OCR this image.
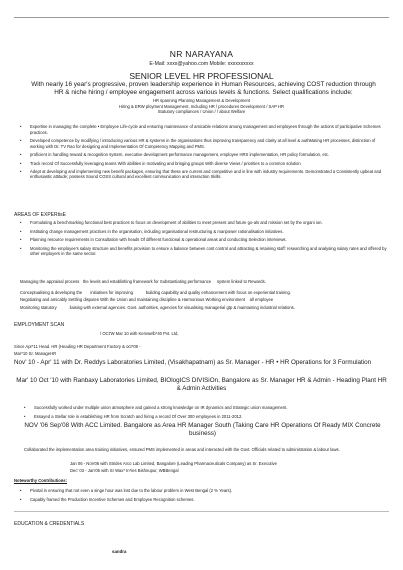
NR NARAYANA
E-Mail: xxxx@yahoo.com Mobile: xxxxxxxxxx
SENIOR LEVEL HR PROFESSIONAL
With nearly 16 year's progressive, proven leadership experience in Human Resources, achieving COST reduction through HR & niche hiring / employee engagement across various levels & functions. Select qualifications include:
HR spanning Planning Management & Development
Hiring & ERW ployment Management, Including HR / procedures Development / SAP HR
Statutory compliances / Union / / about Welfare
•	Expertise in managing the complete • Employee Life-cycle and ensuring maintenance of amicable relations among management and employees through the actions of participative Schemes practices.
•	Developed competence by modifying / introducing various HR & systems in the organisations thus improving transparency and clarity at all level & authMating HR processes, distinction of working with Dr. TV Rao for designing and Implementation Of Competency Mapping and PMS.
•	proficient in handling reward & recognition system, executive development performance management, employee HRS implementation, HR policy formulation, etc.
•	Track record Of Successfully leveraging teams With abilities in motivating and bringing groups With diverse Views / priorities to a common solution
•	Adept at developing and implementing new benefit packages, ensuring that these are current and competitive and in line with industry requirements. Demonstrated a Consistently upbeat and enthusiastic attitude; possess Sound COSS cultural and excellent communication and interaction Skills.
AREAS OF EXPERtisE
•	Formulating & benchmarking functional best practices to focus on development of abilities to meet present and future go-als and mission set by the organi ion.
•	Instituting change management practices in the organisation, including organisational restructuring & manpower rationalisation initiatives.
•	Planning resource requirements in Consultation with heads Of different functional & operational areas and conducting Selection interviews.
•	Monitoring the employee's salary structure and benefits provision to ensure a balance between cost control and attracting & retaining staff: researching and analysing salary rates and offered by other employers in the same sector.
Managing the appraisal process the levels and establishing framework for Substantiating performance system linked to Rewards.
Conceptualising & developing the initiatives for improving	building capability and quality enhancement with focus on experiential training.
Negotiating and amicably Settling disputes With the Union and maintaining discipline & Harmonious Working environment all employee
Monitoring statutory	liaising with external agencies. Govt. authorities, agencies for visualising managerial gtp & maintaining industrial relations.
EMPLOYMENT SCAN
/ OCt'W Mar 10 with Kemwelb*40 Pvt. Ltd,
Since Apr*11 Head. HR (Heading HR Department Factory & oct*08 -
Mar*10 Sr. ManageHR
Nov' 10 - Apr' 11 with Dr. Reddys Laboratories Limited, (Visakhapatnam) as Sr. Manager - HR • HR Operations for 3 Formulation
Mar' 10 Oct '10 with Ranbaxy Laboratories Limited, BIOlogICS DIVISiOn, Bangalore as Sr. Manager HR & Admin - Heading Plant HR & Admin Activities
•	Successfully worked under multiple union atmosphere and gained a strong knowledge on IR dynamics and Strategic union management.
•	Essayed a Stellar role in establishing HR from Scratch and hiring a record Of Over 300 employees in 2011-2012.
NOV '06 Sep'08 With ACC Limited. Bangalore as Area HR Manager South (Taking Care HR Operations Of Ready MIX Concrete business)
Collaborated the implementation area training initiatives, ensured PMS implemented in areas and interacted with the Govt. Officials related to administration & labour laws.
Jan 06 - NoV06 with Strides Arco Lab Limited, Bangalore (Leading Pharmaceuticals Company) as Sr. Executive
Dec' 03 - Jan'06 with Sr Wax* In*ies Bishnupur, WBBengal
Noteworthy Contributions:
•	Pivotal in ensuring that not even a singe hour was lost due to the labour problem in West Bengal (2 % Years).
•	Capably framed the Production Incentive Schemes and Employee Recognition schemes.
EDUCATION & CREDENTIALS
sandra
